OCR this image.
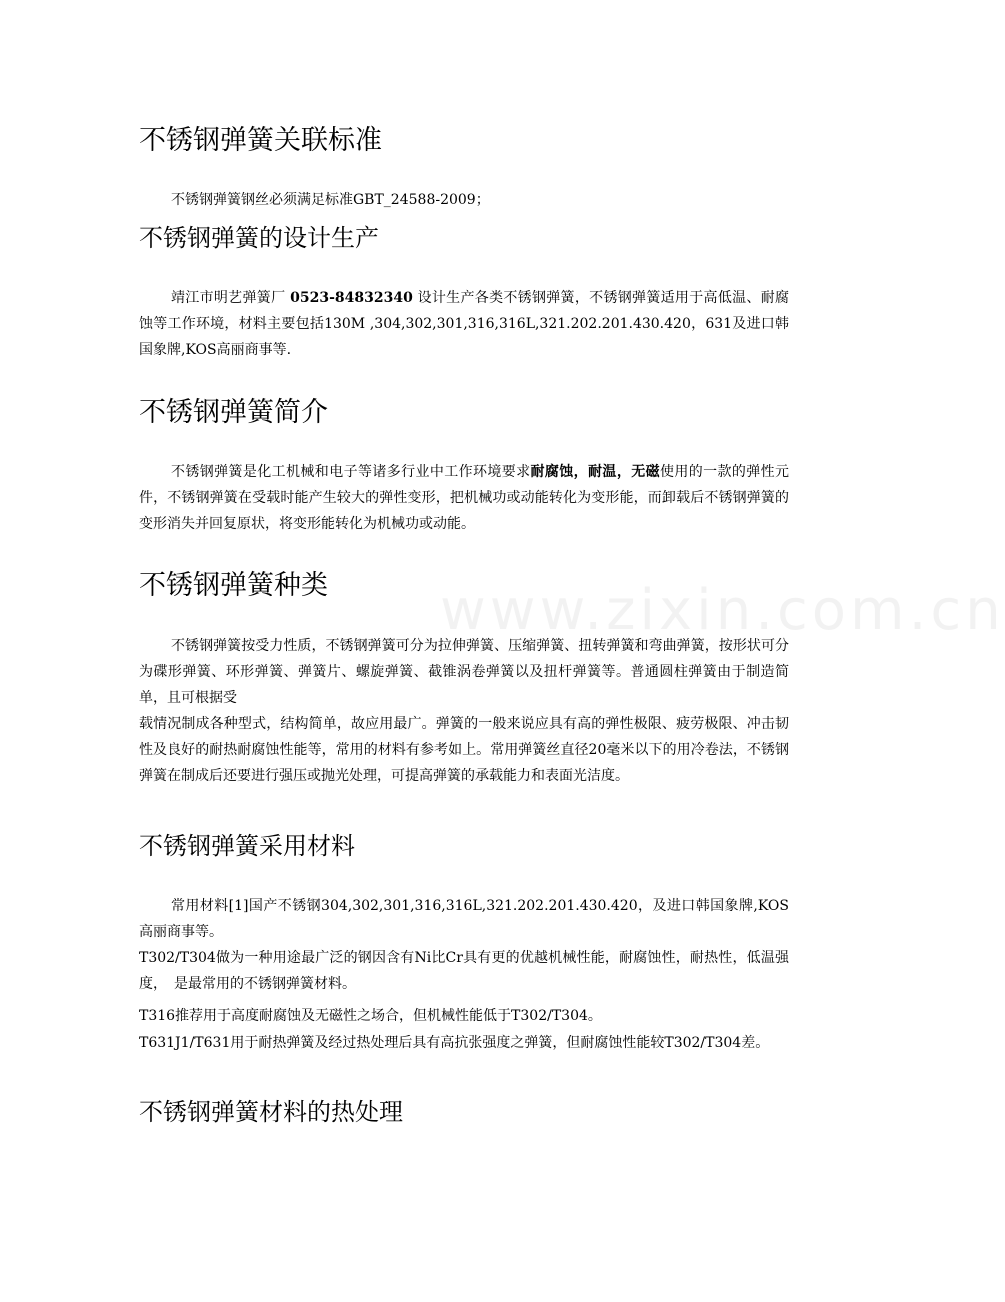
www.zixin.com.cn
不锈钢弹簧关联标准

不锈钢弹簧钢丝必须满足标准GBT_24588-2009；

不锈钢弹簧的设计生产

靖江市明艺弹簧厂 0523-84832340 设计生产各类不锈钢弹簧，不锈钢弹簧适用于高低温、耐腐蚀等工作环境，材料主要包括130M ,304,302,301,316,316L,321.202.201.430.420，631及进口韩国象牌,KOS高丽商事等.

不锈钢弹簧简介

不锈钢弹簧是化工机械和电子等诸多行业中工作环境要求耐腐蚀，耐温，无磁使用的一款的弹性元件，不锈钢弹簧在受载时能产生较大的弹性变形，把机械功或动能转化为变形能，而卸载后不锈钢弹簧的变形消失并回复原状，将变形能转化为机械功或动能。

不锈钢弹簧种类

不锈钢弹簧按受力性质，不锈钢弹簧可分为拉伸弹簧、压缩弹簧、扭转弹簧和弯曲弹簧，按形状可分为碟形弹簧、环形弹簧、弹簧片、螺旋弹簧、截锥涡卷弹簧以及扭杆弹簧等。普通圆柱弹簧由于制造简单，且可根据受

载情况制成各种型式，结构简单，故应用最广。弹簧的一般来说应具有高的弹性极限、疲劳极限、冲击韧性及良好的耐热耐腐蚀性能等，常用的材料有参考如上。常用弹簧丝直径20毫米以下的用冷卷法，不锈钢弹簧在制成后还要进行强压或抛光处理，可提高弹簧的承载能力和表面光洁度。

不锈钢弹簧采用材料

常用材料[1]国产不锈钢304,302,301,316,316L,321.202.201.430.420，及进口韩国象牌,KOS高丽商事等。

T302/T304做为一种用途最广泛的钢因含有Ni比Cr具有更的优越机械性能，耐腐蚀性，耐热性，低温强度，　是最常用的不锈钢弹簧材料。

T316推荐用于高度耐腐蚀及无磁性之场合，但机械性能低于T302/T304。

T631J1/T631用于耐热弹簧及经过热处理后具有高抗张强度之弹簧，但耐腐蚀性能较T302/T304差。

不锈钢弹簧材料的热处理
